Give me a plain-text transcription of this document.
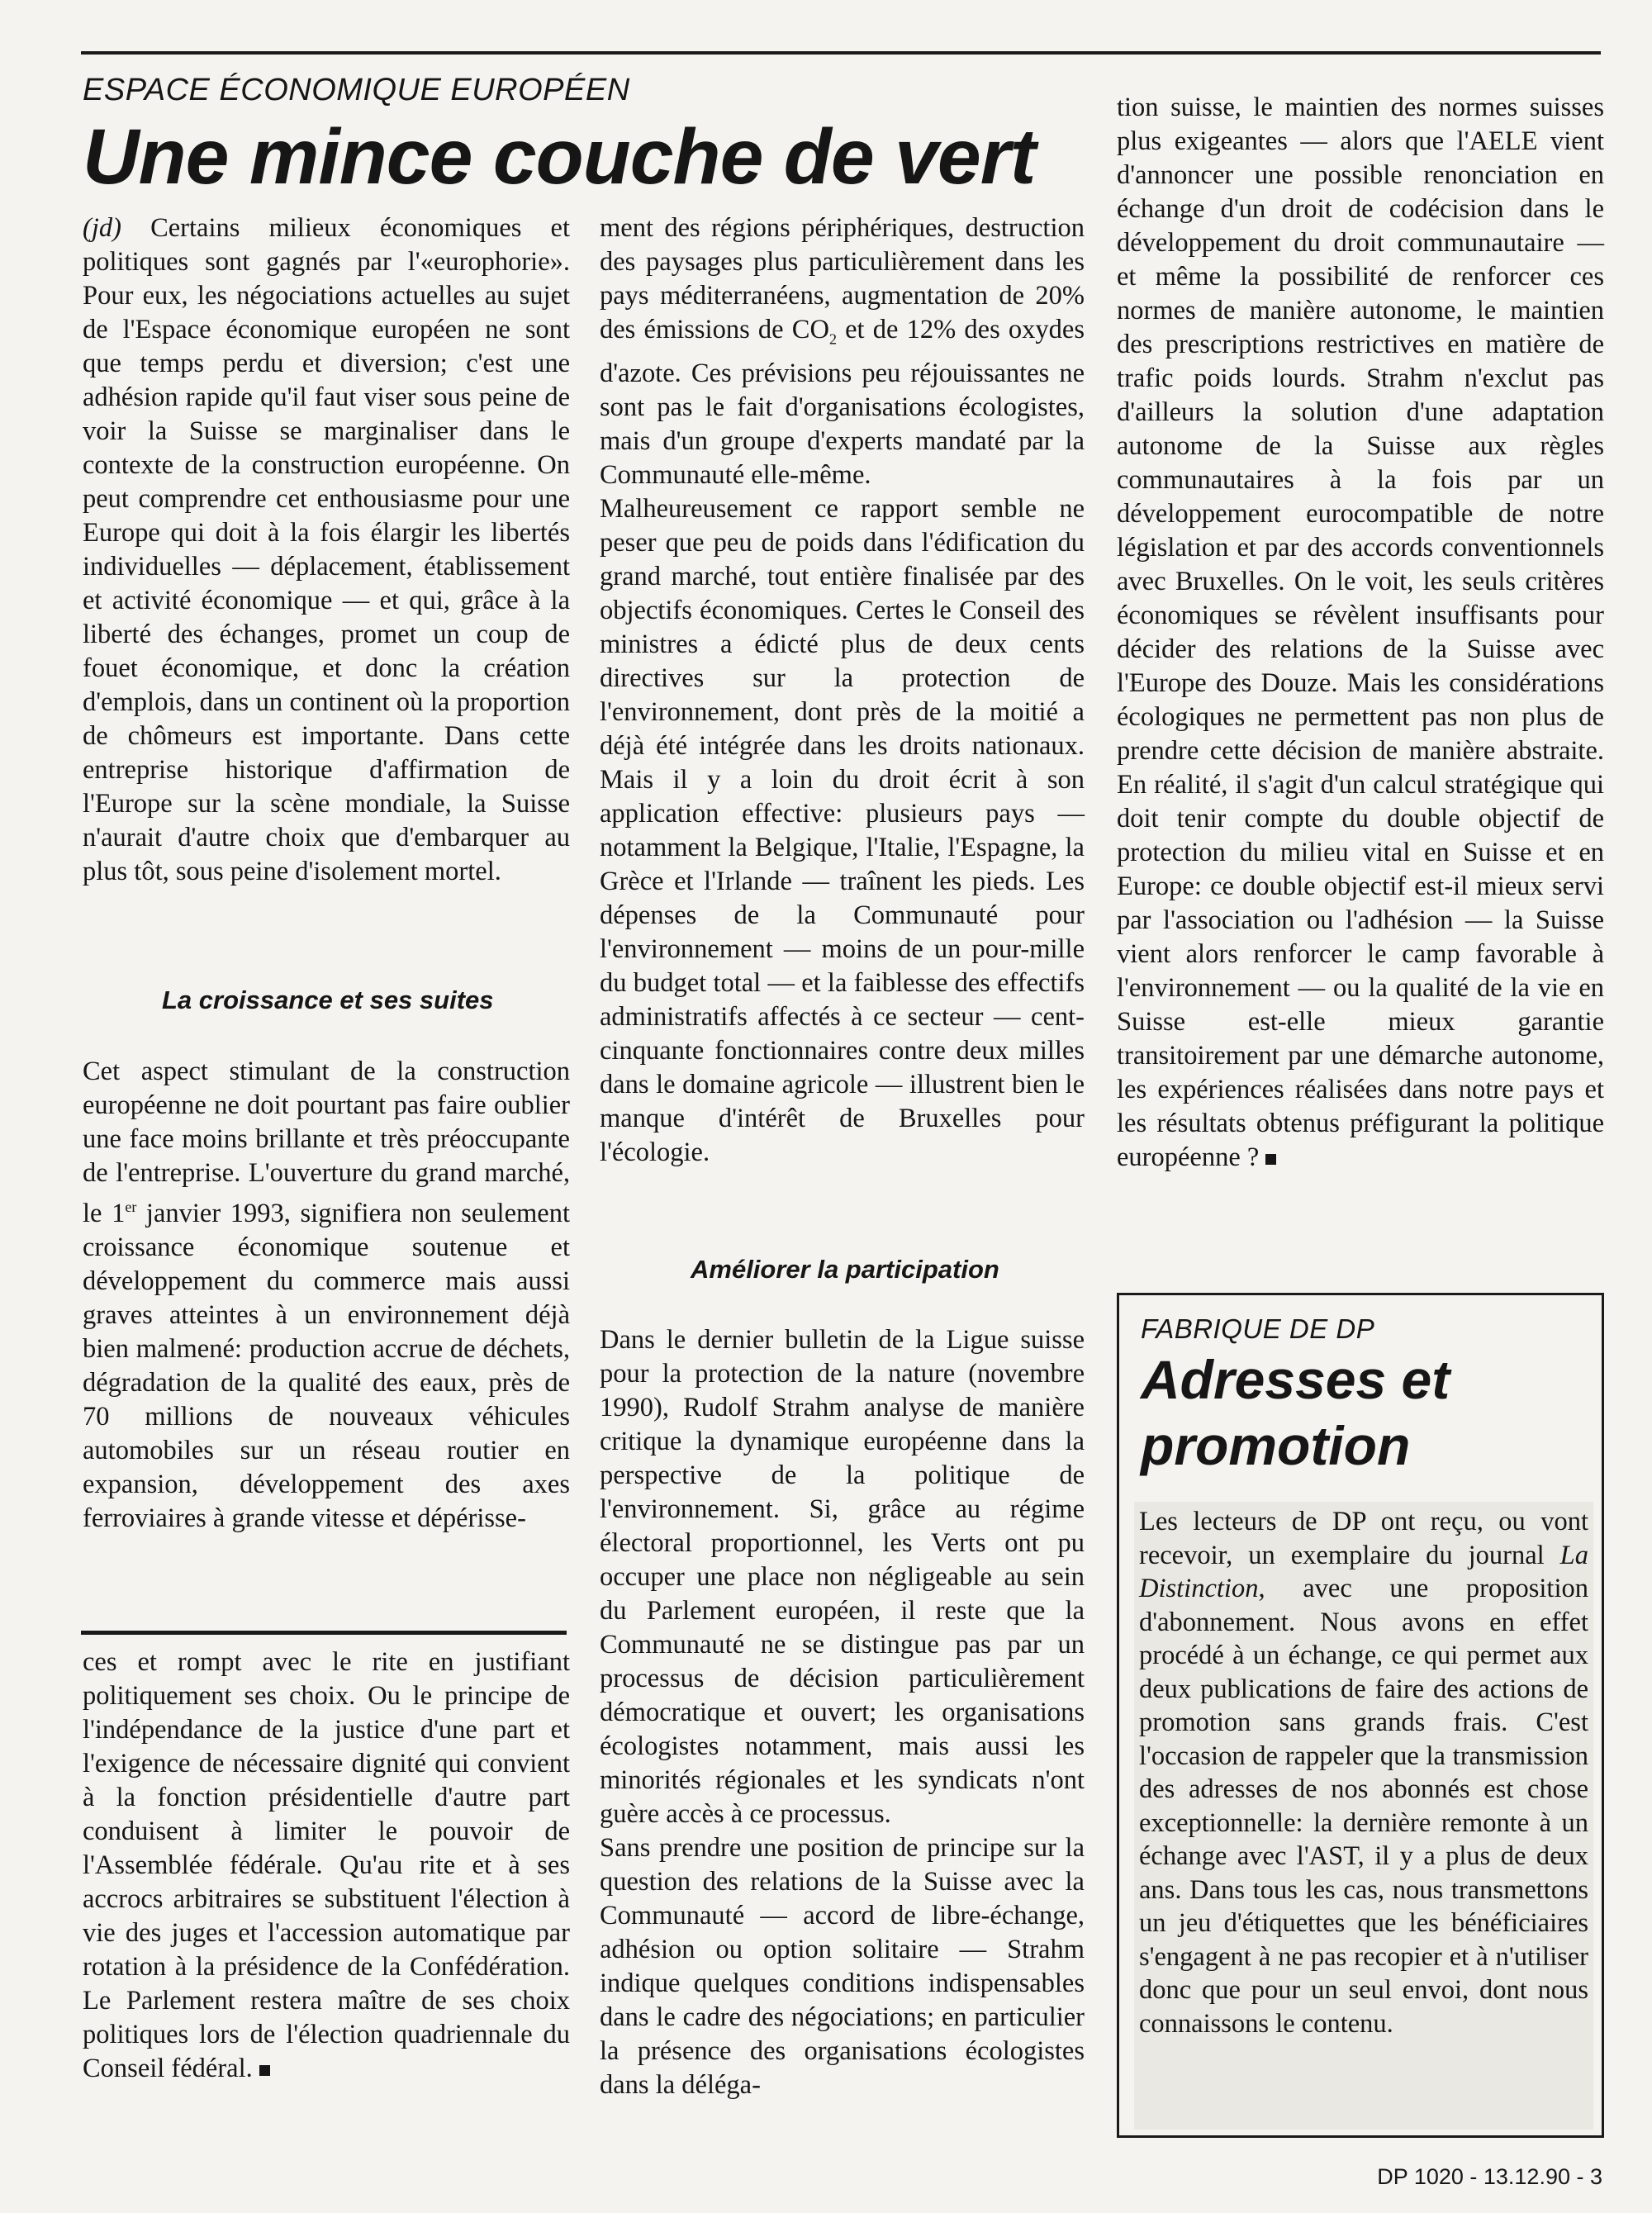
ESPACE ÉCONOMIQUE EUROPÉEN
Une mince couche de vert

(jd) Certains milieux économiques et politiques sont gagnés par l'«europhorie». Pour eux, les négociations actuelles au sujet de l'Espace économique européen ne sont que temps perdu et diversion; c'est une adhésion rapide qu'il faut viser sous peine de voir la Suisse se marginaliser dans le contexte de la construction européenne. On peut comprendre cet enthousiasme pour une Europe qui doit à la fois élargir les libertés individuelles — déplacement, établissement et activité économique — et qui, grâce à la liberté des échanges, promet un coup de fouet économique, et donc la création d'emplois, dans un continent où la proportion de chômeurs est importante. Dans cette entreprise historique d'affirmation de l'Europe sur la scène mondiale, la Suisse n'aurait d'autre choix que d'embarquer au plus tôt, sous peine d'isolement mortel.

La croissance et ses suites

Cet aspect stimulant de la construction européenne ne doit pourtant pas faire oublier une face moins brillante et très préoccupante de l'entreprise. L'ouverture du grand marché, le 1er janvier 1993, signifiera non seulement croissance économique soutenue et développement du commerce mais aussi graves atteintes à un environnement déjà bien malmené: production accrue de déchets, dégradation de la qualité des eaux, près de 70 millions de nouveaux véhicules automobiles sur un réseau routier en expansion, développement des axes ferroviaires à grande vitesse et dépérisse-

ces et rompt avec le rite en justifiant politiquement ses choix. Ou le principe de l'indépendance de la justice d'une part et l'exigence de nécessaire dignité qui convient à la fonction présidentielle d'autre part conduisent à limiter le pouvoir de l'Assemblée fédérale. Qu'au rite et à ses accrocs arbitraires se substituent l'élection à vie des juges et l'accession automatique par rotation à la présidence de la Confédération. Le Parlement restera maître de ses choix politiques lors de l'élection quadriennale du Conseil fédéral.

ment des régions périphériques, destruction des paysages plus particulièrement dans les pays méditerranéens, augmentation de 20% des émissions de $CO_2$ et de 12% des oxydes d'azote. Ces prévisions peu réjouissantes ne sont pas le fait d'organisations écologistes, mais d'un groupe d'experts mandaté par la Communauté elle-même.

Malheureusement ce rapport semble ne peser que peu de poids dans l'édification du grand marché, tout entière finalisée par des objectifs économiques. Certes le Conseil des ministres a édicté plus de deux cents directives sur la protection de l'environnement, dont près de la moitié a déjà été intégrée dans les droits nationaux. Mais il y a loin du droit écrit à son application effective: plusieurs pays — notamment la Belgique, l'Italie, l'Espagne, la Grèce et l'Irlande — traînent les pieds. Les dépenses de la Communauté pour l'environnement — moins de un pour-mille du budget total — et la faiblesse des effectifs administratifs affectés à ce secteur — cent-cinquante fonctionnaires contre deux milles dans le domaine agricole — illustrent bien le manque d'intérêt de Bruxelles pour l'écologie.

Améliorer la participation

Dans le dernier bulletin de la Ligue suisse pour la protection de la nature (novembre 1990), Rudolf Strahm analyse de manière critique la dynamique européenne dans la perspective de la politique de l'environnement. Si, grâce au régime électoral proportionnel, les Verts ont pu occuper une place non négligeable au sein du Parlement européen, il reste que la Communauté ne se distingue pas par un processus de décision particulièrement démocratique et ouvert; les organisations écologistes notamment, mais aussi les minorités régionales et les syndicats n'ont guère accès à ce processus.

Sans prendre une position de principe sur la question des relations de la Suisse avec la Communauté — accord de libre-échange, adhésion ou option solitaire — Strahm indique quelques conditions indispensables dans le cadre des négociations; en particulier la présence des organisations écologistes dans la déléga-

tion suisse, le maintien des normes suisses plus exigeantes — alors que l'AELE vient d'annoncer une possible renonciation en échange d'un droit de codécision dans le développement du droit communautaire — et même la possibilité de renforcer ces normes de manière autonome, le maintien des prescriptions restrictives en matière de trafic poids lourds. Strahm n'exclut pas d'ailleurs la solution d'une adaptation autonome de la Suisse aux règles communautaires à la fois par un développement eurocompatible de notre législation et par des accords conventionnels avec Bruxelles. On le voit, les seuls critères économiques se révèlent insuffisants pour décider des relations de la Suisse avec l'Europe des Douze. Mais les considérations écologiques ne permettent pas non plus de prendre cette décision de manière abstraite. En réalité, il s'agit d'un calcul stratégique qui doit tenir compte du double objectif de protection du milieu vital en Suisse et en Europe: ce double objectif est-il mieux servi par l'association ou l'adhésion — la Suisse vient alors renforcer le camp favorable à l'environnement — ou la qualité de la vie en Suisse est-elle mieux garantie transitoirement par une démarche autonome, les expériences réalisées dans notre pays et les résultats obtenus préfigurant la politique européenne ?

FABRIQUE DE DP
Adresses et promotion

Les lecteurs de DP ont reçu, ou vont recevoir, un exemplaire du journal La Distinction, avec une proposition d'abonnement. Nous avons en effet procédé à un échange, ce qui permet aux deux publications de faire des actions de promotion sans grands frais. C'est l'occasion de rappeler que la transmission des adresses de nos abonnés est chose exceptionnelle: la dernière remonte à un échange avec l'AST, il y a plus de deux ans. Dans tous les cas, nous transmettons un jeu d'étiquettes que les bénéficiaires s'engagent à ne pas recopier et à n'utiliser donc que pour un seul envoi, dont nous connaissons le contenu.

DP 1020 - 13.12.90 - 3
